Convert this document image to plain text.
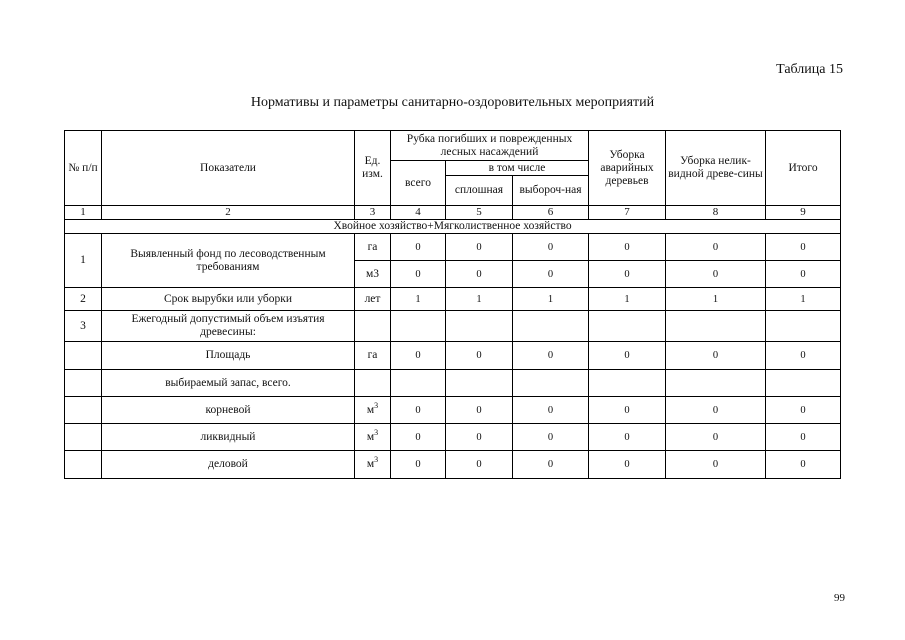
Таблица 15
Нормативы и параметры санитарно-оздоровительных мероприятий
№ п/п	Показатели	Ед. изм.	Рубка погибших и поврежденных лесных насаждений			Уборка аварийных деревьев	Уборка нелик-видной древе-сины	Итого
			всего	в том числе				
				сплошная	выбороч-ная			
1	2	3	4	5	6	7	8	9
Хвойное хозяйство+Мягколиственное хозяйство								
1	Выявленный фонд по лесоводственным требованиям	га	0	0	0	0	0	0
		м3	0	0	0	0	0	0
2	Срок вырубки или уборки	лет	1	1	1	1	1	1
3	Ежегодный допустимый объем изъятия древесины:							
	Площадь	га	0	0	0	0	0	0
	выбираемый запас, всего.							
	корневой	$м^3$	0	0	0	0	0	0
	ликвидный	$м^3$	0	0	0	0	0	0
	деловой	$м^3$	0	0	0	0	0	0
99
